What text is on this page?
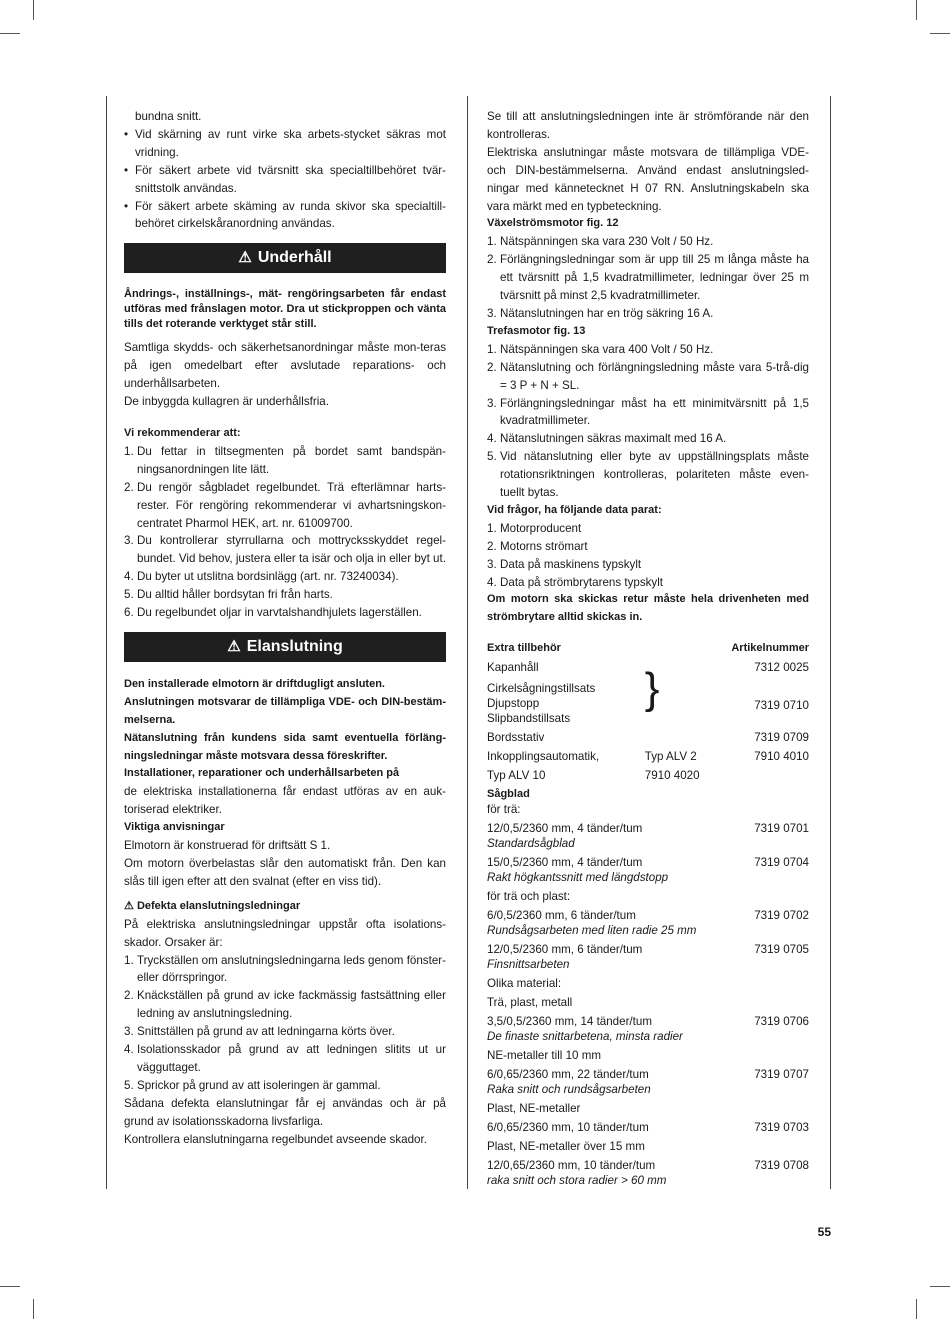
bundna snitt.

• Vid skärning av runt virke ska arbets-stycket säkras mot vridning.
• För säkert arbete vid tvärsnitt ska specialtillbehöret tvär-snittstolk användas.
• För säkert arbete skäming av runda skivor ska specialtill-behöret cirkelskåranordning användas.
⚠ Underhåll

Åndrings-, inställnings-, mät- rengöringsarbeten får endast utföras med frånslagen motor. Dra ut stickproppen och vänta tills det roterande verktyget står still.

Samtliga skydds- och säkerhetsanordningar måste mon-teras på igen omedelbart efter avslutade reparations- och underhållsarbeten.

De inbyggda kullagren är underhållsfria.

Vi rekommenderar att:

1. Du fettar in tiltsegmenten på bordet samt bandspän-ningsanordningen lite lätt.
2. Du rengör sågbladet regelbundet. Trä efterlämnar harts-rester. För rengöring rekommenderar vi avhartsningskon-centratet Pharmol HEK, art. nr. 61009700.
3. Du kontrollerar styrrullarna och mottrycksskyddet regel-bundet. Vid behov, justera eller ta isär och olja in eller byt ut.
4. Du byter ut utslitna bordsinlägg (art. nr. 73240034).
5. Du alltid håller bordsytan fri från harts.
6. Du regelbundet oljar in varvtalshandhjulets lagerställen.
⚠ Elanslutning

Den installerade elmotorn är driftdugligt ansluten.

Anslutningen motsvarar de tillämpliga VDE- och DIN-bestäm-melserna.

Nätanslutning från kundens sida samt eventuella förläng-ningsledningar måste motsvara dessa föreskrifter.

Installationer, reparationer och underhållsarbeten på

de elektriska installationerna får endast utföras av en auk-toriserad elektriker.

Viktiga anvisningar

Elmotorn är konstruerad för driftsätt S 1.

Om motorn överbelastas slår den automatiskt från. Den kan slås till igen efter att den svalnat (efter en viss tid).

⚠ Defekta elanslutningsledningar

På elektriska anslutningsledningar uppstår ofta isolations-skador. Orsaker är:

1. Tryckställen om anslutningsledningarna leds genom fönster- eller dörrspringor.
2. Knäckställen på grund av icke fackmässig fastsättning eller ledning av anslutningsledning.
3. Snittställen på grund av att ledningarna körts över.
4. Isolationsskador på grund av att ledningen slitits ut ur vägguttaget.
5. Sprickor på grund av att isoleringen är gammal.

Sådana defekta elanslutningar får ej användas och är på grund av isolationsskadorna livsfarliga.

Kontrollera elanslutningarna regelbundet avseende skador.

Se till att anslutningsledningen inte är strömförande när den kontrolleras.

Elektriska anslutningar måste motsvara de tillämpliga VDE- och DIN-bestämmelserna. Använd endast anslutningsled-ningar med kännetecknet H 07 RN. Anslutningskabeln ska vara märkt med en typbeteckning.

Växelströmsmotor fig. 12

1. Nätspänningen ska vara 230 Volt / 50 Hz.
2. Förlängningsledningar som är upp till 25 m långa måste ha ett tvärsnitt på 1,5 kvadratmillimeter, ledningar över 25 m tvärsnitt på minst 2,5 kvadratmillimeter.
3. Nätanslutningen har en trög säkring 16 A.

Trefasmotor fig. 13

1. Nätspänningen ska vara 400 Volt / 50 Hz.
2. Nätanslutning och förlängningsledning måste vara 5-trå-dig = 3 P + N + SL.
3. Förlängningsledningar måst ha ett minimitvärsnitt på 1,5 kvadratmillimeter.
4. Nätanslutningen säkras maximalt med 16 A.
5. Vid nätanslutning eller byte av uppställningsplats måste rotationsriktningen kontrolleras, polariteten måste even-tuellt bytas.

Vid frågor, ha följande data parat:

1. Motorproducent
2. Motorns strömart
3. Data på maskinens typskylt
4. Data på strömbrytarens typskylt

Om motorn ska skickas retur måste hela drivenheten med strömbrytare alltid skickas in.

Extra tillbehör		Artikelnummer
Kapanhåll		7312 0025

Cirkelsågningstillsats
Djupstopp
Slipbandstillsats	}	7319 0710
Bordsstativ		7319 0709
Inkopplingsautomatik,	Typ ALV 2	7910 4010
Typ ALV 10	7910 4020	
Sågblad		
för trä:		

12/0,5/2360 mm, 4 tänder/tum
Standardsågblad		7319 0701

15/0,5/2360 mm, 4 tänder/tum
Rakt högkantssnitt med längdstopp		7319 0704
för trä och plast:		

6/0,5/2360 mm, 6 tänder/tum
Rundsågsarbeten med liten radie 25 mm		7319 0702

12/0,5/2360 mm, 6 tänder/tum
Finsnittsarbeten		7319 0705
Olika material:		
Trä, plast, metall		

3,5/0,5/2360 mm, 14 tänder/tum
De finaste snittarbetena, minsta radier		7319 0706
NE-metaller till 10 mm		

6/0,65/2360 mm, 22 tänder/tum
Raka snitt och rundsågsarbeten		7319 0707
Plast, NE-metaller		
6/0,65/2360 mm, 10 tänder/tum		7319 0703
Plast, NE-metaller över 15 mm		

12/0,65/2360 mm, 10 tänder/tum
raka snitt och stora radier > 60 mm		7319 0708
55
